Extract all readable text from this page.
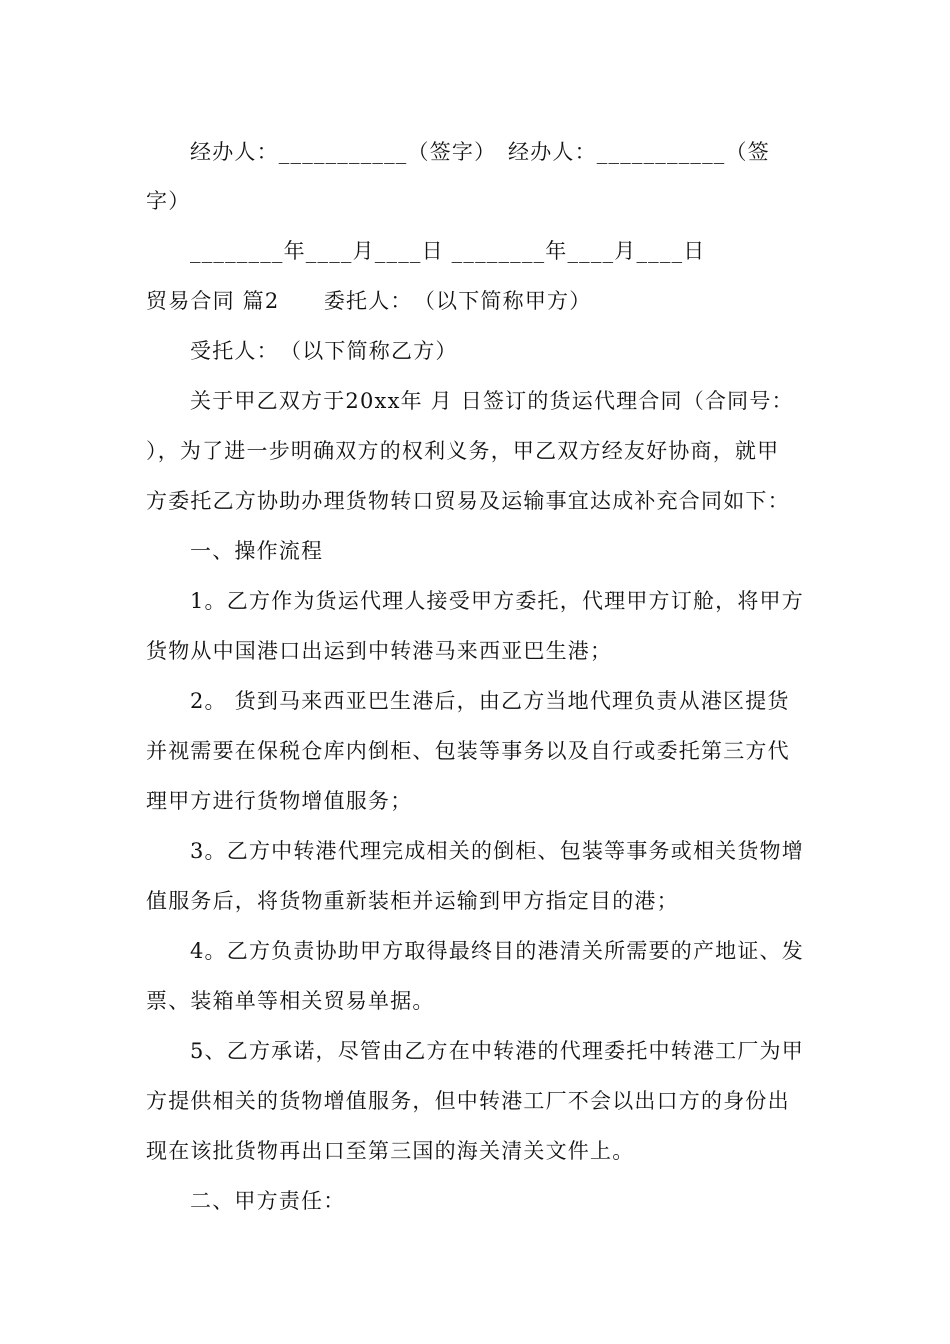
经办人：___________（签字）　经办人：___________（签
字）
________年____月____日 ________年____月____日
贸易合同 篇2　　委托人：　（以下简称甲方）
受托人：　（以下简称乙方）
关于甲乙双方于20xx年 月 日签订的货运代理合同（合同号：
），为了进一步明确双方的权利义务，甲乙双方经友好协商，就甲
方委托乙方协助办理货物转口贸易及运输事宜达成补充合同如下：
一、操作流程
1。乙方作为货运代理人接受甲方委托，代理甲方订舱，将甲方
货物从中国港口出运到中转港马来西亚巴生港；
2。 货到马来西亚巴生港后，由乙方当地代理负责从港区提货
并视需要在保税仓库内倒柜、包装等事务以及自行或委托第三方代
理甲方进行货物增值服务；
3。乙方中转港代理完成相关的倒柜、包装等事务或相关货物增
值服务后，将货物重新装柜并运输到甲方指定目的港；
4。乙方负责协助甲方取得最终目的港清关所需要的产地证、发
票、装箱单等相关贸易单据。
5、乙方承诺，尽管由乙方在中转港的代理委托中转港工厂为甲
方提供相关的货物增值服务，但中转港工厂不会以出口方的身份出
现在该批货物再出口至第三国的海关清关文件上。
二、甲方责任：
